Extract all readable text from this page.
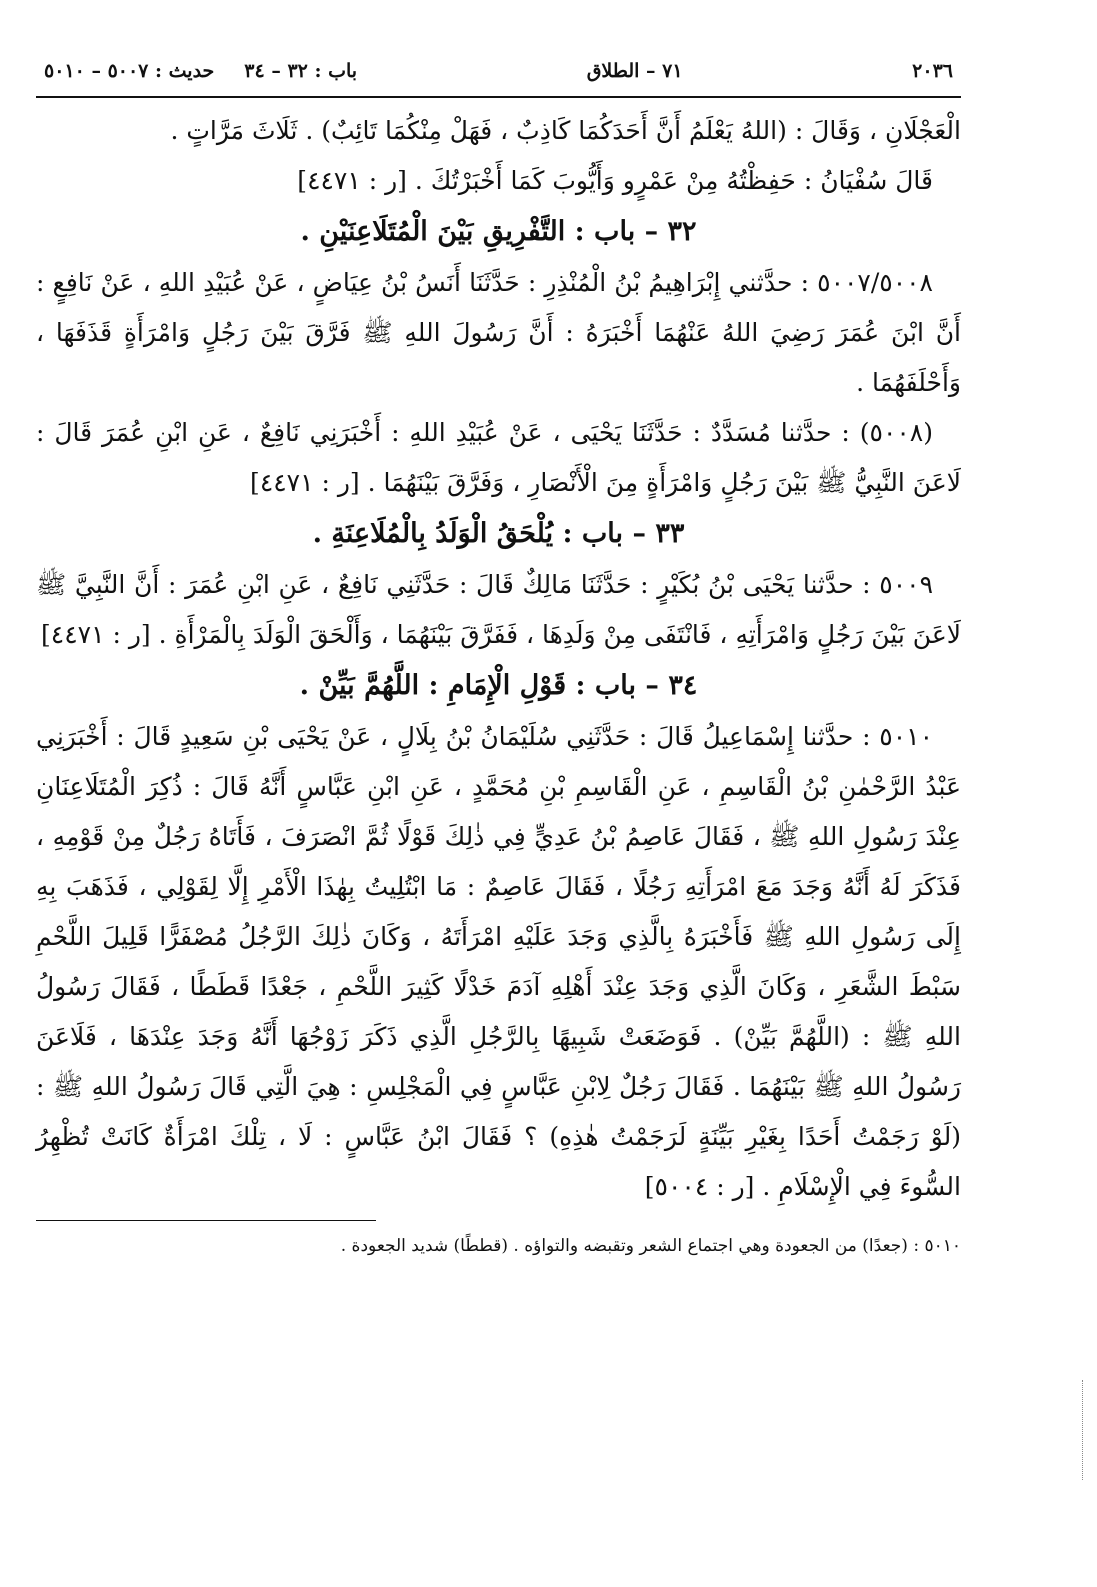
٢٠٣٦
٧١ – الطلاق
باب : ٣٢ – ٣٤
حديث : ٥٠٠٧ – ٥٠١٠

الْعَجْلَانِ ، وَقَالَ : (اللهُ يَعْلَمُ أَنَّ أَحَدَكُمَا كَاذِبٌ ، فَهَلْ مِنْكُمَا تَائِبٌ) . ثَلَاثَ مَرَّاتٍ .

قَالَ سُفْيَانُ : حَفِظْتُهُ مِنْ عَمْرٍو وَأَيُّوبَ كَمَا أَخْبَرْتُكَ . [ر : ٤٤٧١]

٣٢ – باب : التَّفْرِيقِ بَيْنَ الْمُتَلَاعِنَيْنِ .

٥٠٠٧/٥٠٠٨ : حدَّثني إِبْرَاهِيمُ بْنُ الْمُنْذِرِ : حَدَّثَنَا أَنَسُ بْنُ عِيَاضٍ ، عَنْ عُبَيْدِ اللهِ ، عَنْ نَافِعٍ : أَنَّ ابْنَ عُمَرَ رَضِيَ اللهُ عَنْهُمَا أَخْبَرَهُ : أَنَّ رَسُولَ اللهِ ﷺ فَرَّقَ بَيْنَ رَجُلٍ وَامْرَأَةٍ قَذَفَهَا ، وَأَحْلَفَهُمَا .

(٥٠٠٨) : حدَّثنا مُسَدَّدٌ : حَدَّثَنَا يَحْيَى ، عَنْ عُبَيْدِ اللهِ : أَخْبَرَنِي نَافِعٌ ، عَنِ ابْنِ عُمَرَ قَالَ : لَاعَنَ النَّبِيُّ ﷺ بَيْنَ رَجُلٍ وَامْرَأَةٍ مِنَ الْأَنْصَارِ ، وَفَرَّقَ بَيْنَهُمَا . [ر : ٤٤٧١]

٣٣ – باب : يُلْحَقُ الْوَلَدُ بِالْمُلَاعِنَةِ .

٥٠٠٩ : حدَّثنا يَحْيَى بْنُ بُكَيْرٍ : حَدَّثَنَا مَالِكٌ قَالَ : حَدَّثَنِي نَافِعٌ ، عَنِ ابْنِ عُمَرَ : أَنَّ النَّبِيَّ ﷺ لَاعَنَ بَيْنَ رَجُلٍ وَامْرَأَتِهِ ، فَانْتَفَى مِنْ وَلَدِهَا ، فَفَرَّقَ بَيْنَهُمَا ، وَأَلْحَقَ الْوَلَدَ بِالْمَرْأَةِ . [ر : ٤٤٧١]

٣٤ – باب : قَوْلِ الْإِمَامِ : اللَّهُمَّ بَيِّنْ .

٥٠١٠ : حدَّثنا إِسْمَاعِيلُ قَالَ : حَدَّثَنِي سُلَيْمَانُ بْنُ بِلَالٍ ، عَنْ يَحْيَى بْنِ سَعِيدٍ قَالَ : أَخْبَرَنِي عَبْدُ الرَّحْمٰنِ بْنُ الْقَاسِمِ ، عَنِ الْقَاسِمِ بْنِ مُحَمَّدٍ ، عَنِ ابْنِ عَبَّاسٍ أَنَّهُ قَالَ : ذُكِرَ الْمُتَلَاعِنَانِ عِنْدَ رَسُولِ اللهِ ﷺ ، فَقَالَ عَاصِمُ بْنُ عَدِيٍّ فِي ذٰلِكَ قَوْلًا ثُمَّ انْصَرَفَ ، فَأَتَاهُ رَجُلٌ مِنْ قَوْمِهِ ، فَذَكَرَ لَهُ أَنَّهُ وَجَدَ مَعَ امْرَأَتِهِ رَجُلًا ، فَقَالَ عَاصِمٌ : مَا ابْتُلِيتُ بِهٰذَا الْأَمْرِ إِلَّا لِقَوْلِي ، فَذَهَبَ بِهِ إِلَى رَسُولِ اللهِ ﷺ فَأَخْبَرَهُ بِالَّذِي وَجَدَ عَلَيْهِ امْرَأَتَهُ ، وَكَانَ ذٰلِكَ الرَّجُلُ مُصْفَرًّا قَلِيلَ اللَّحْمِ سَبْطَ الشَّعَرِ ، وَكَانَ الَّذِي وَجَدَ عِنْدَ أَهْلِهِ آدَمَ خَدْلًا كَثِيرَ اللَّحْمِ ، جَعْدًا قَطَطًا ، فَقَالَ رَسُولُ اللهِ ﷺ : (اللَّهُمَّ بَيِّنْ) . فَوَضَعَتْ شَبِيهًا بِالرَّجُلِ الَّذِي ذَكَرَ زَوْجُهَا أَنَّهُ وَجَدَ عِنْدَهَا ، فَلَاعَنَ رَسُولُ اللهِ ﷺ بَيْنَهُمَا . فَقَالَ رَجُلٌ لِابْنِ عَبَّاسٍ فِي الْمَجْلِسِ : هِيَ الَّتِي قَالَ رَسُولُ اللهِ ﷺ : (لَوْ رَجَمْتُ أَحَدًا بِغَيْرِ بَيِّنَةٍ لَرَجَمْتُ هٰذِهِ) ؟ فَقَالَ ابْنُ عَبَّاسٍ : لَا ، تِلْكَ امْرَأَةٌ كَانَتْ تُظْهِرُ السُّوءَ فِي الْإِسْلَامِ . [ر : ٥٠٠٤]

٥٠١٠ : (جعدًا) من الجعودة وهي اجتماع الشعر وتقبضه والتواؤه . (قططًا) شديد الجعودة .
